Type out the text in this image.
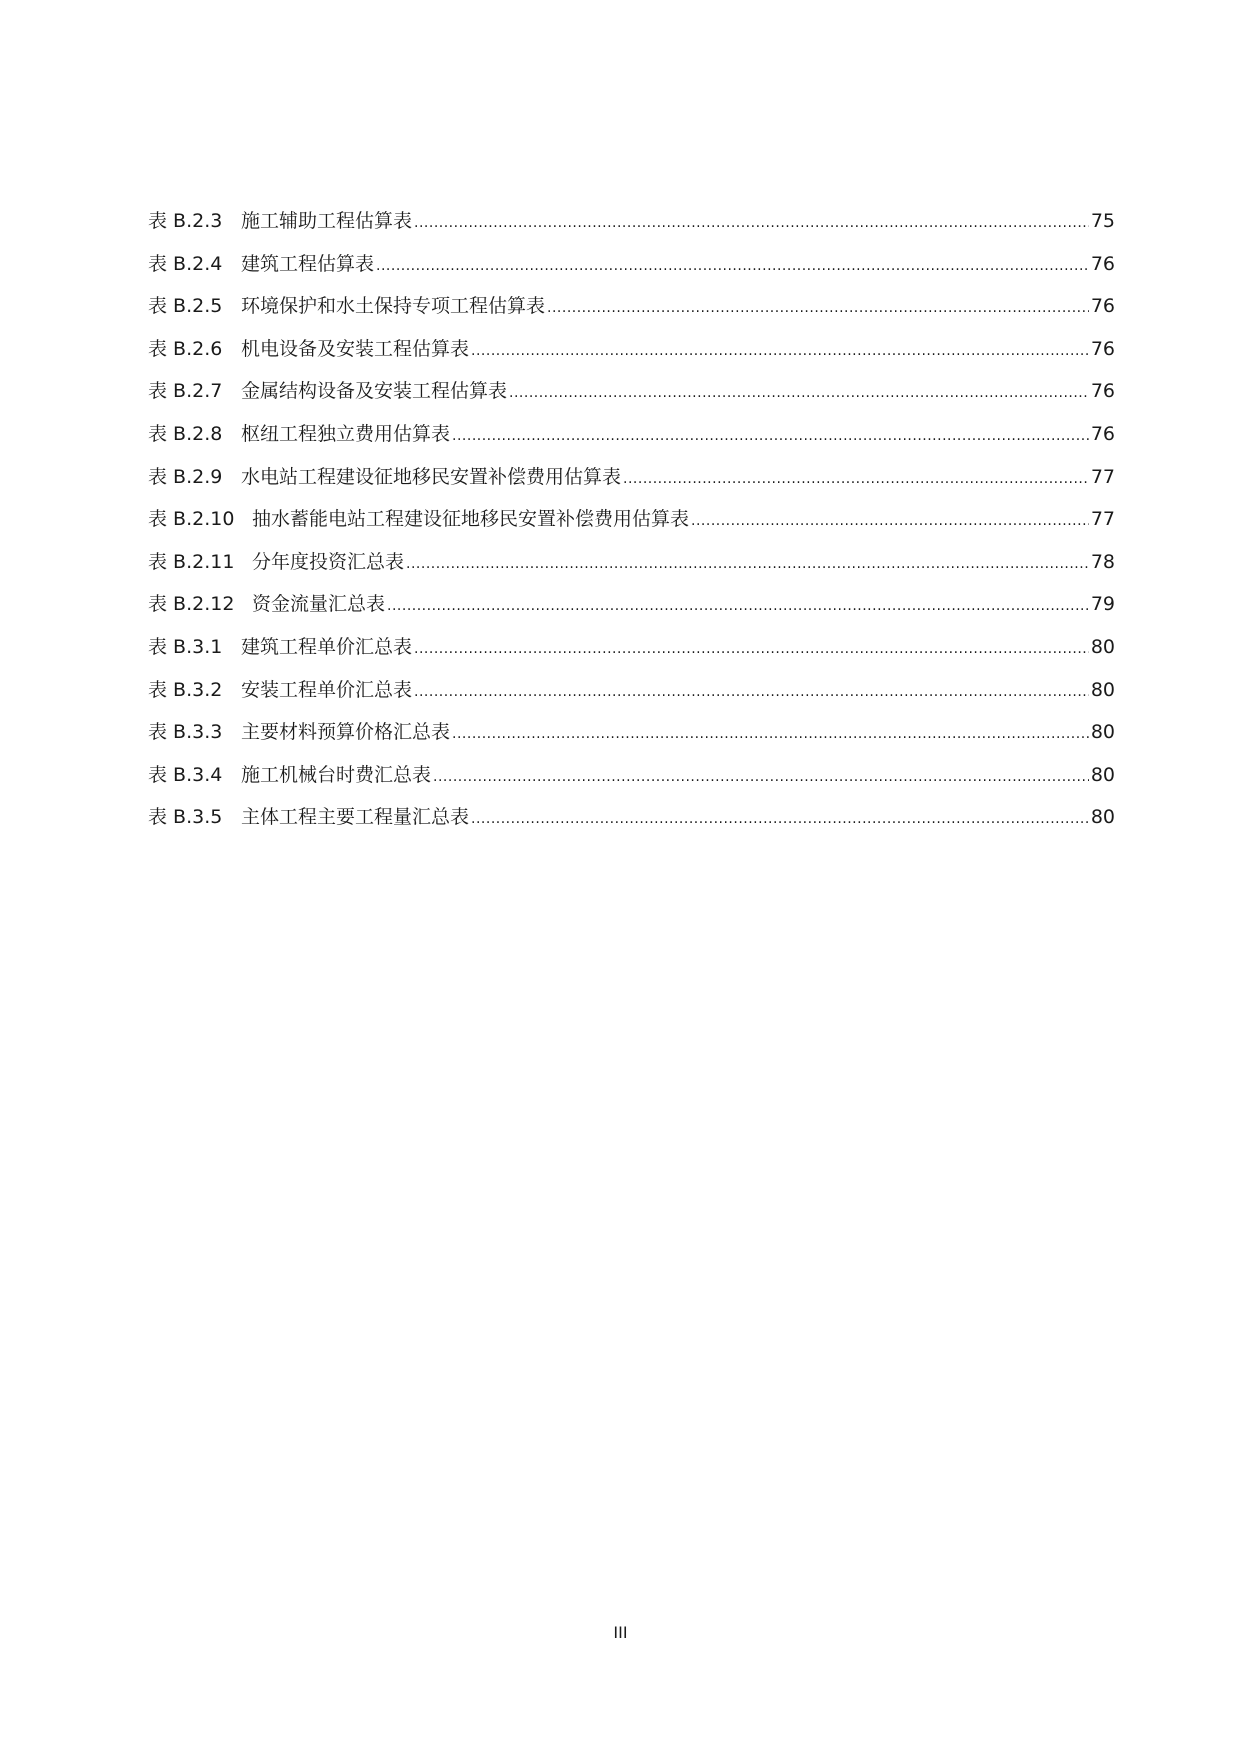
表 B.2.3 施工辅助工程估算表 .....	75
表 B.2.4 建筑工程估算表 .....	76
表 B.2.5 环境保护和水土保持专项工程估算表 .....	76
表 B.2.6 机电设备及安装工程估算表 .....	76
表 B.2.7 金属结构设备及安装工程估算表 .....	76
表 B.2.8 枢纽工程独立费用估算表 .....	76
表 B.2.9 水电站工程建设征地移民安置补偿费用估算表 .....	77
表 B.2.10 抽水蓄能电站工程建设征地移民安置补偿费用估算表 .....	77
表 B.2.11 分年度投资汇总表 .....	78
表 B.2.12 资金流量汇总表 .....	79
表 B.3.1 建筑工程单价汇总表 .....	80
表 B.3.2 安装工程单价汇总表 .....	80
表 B.3.3 主要材料预算价格汇总表 .....	80
表 B.3.4 施工机械台时费汇总表 .....	80
表 B.3.5 主体工程主要工程量汇总表 .....	80
III
